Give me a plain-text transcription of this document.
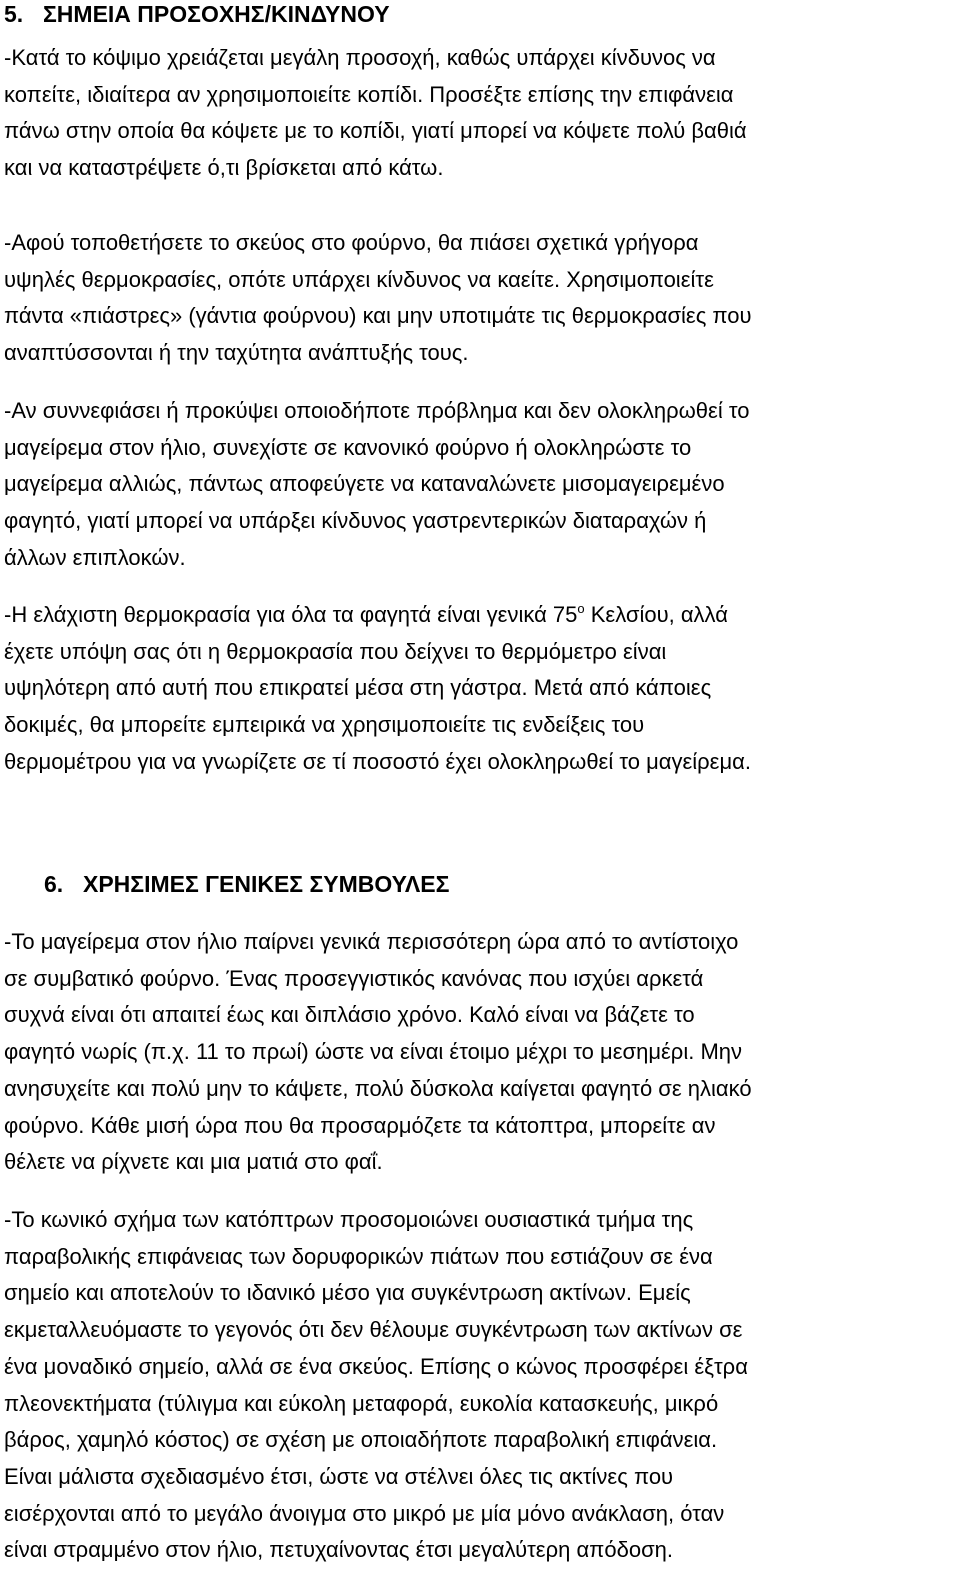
5. ΣΗΜΕΙΑ ΠΡΟΣΟΧΗΣ/ΚΙΝΔΥΝΟΥ

-Κατά το κόψιμο χρειάζεται μεγάλη προσοχή, καθώς υπάρχει κίνδυνος να
κοπείτε, ιδιαίτερα αν χρησιμοποιείτε κοπίδι. Προσέξτε επίσης την επιφάνεια
πάνω στην οποία θα κόψετε με το κοπίδι, γιατί μπορεί να κόψετε πολύ βαθιά
και να καταστρέψετε ό,τι βρίσκεται από κάτω.

-Αφού τοποθετήσετε το σκεύος στο φούρνο, θα πιάσει σχετικά γρήγορα
υψηλές θερμοκρασίες, οπότε υπάρχει κίνδυνος να καείτε. Χρησιμοποιείτε
πάντα «πιάστρες» (γάντια φούρνου) και μην υποτιμάτε τις θερμοκρασίες που
αναπτύσσονται ή την ταχύτητα ανάπτυξής τους.

-Αν συννεφιάσει ή προκύψει οποιοδήποτε πρόβλημα και δεν ολοκληρωθεί το
μαγείρεμα στον ήλιο, συνεχίστε σε κανονικό φούρνο ή ολοκληρώστε το
μαγείρεμα αλλιώς, πάντως αποφεύγετε να καταναλώνετε μισομαγειρεμένο
φαγητό, γιατί μπορεί να υπάρξει κίνδυνος γαστρεντερικών διαταραχών ή
άλλων επιπλοκών.

-Η ελάχιστη θερμοκρασία για όλα τα φαγητά είναι γενικά $75^o$ Κελσίου, αλλά
έχετε υπόψη σας ότι η θερμοκρασία που δείχνει το θερμόμετρο είναι
υψηλότερη από αυτή που επικρατεί μέσα στη γάστρα. Μετά από κάποιες
δοκιμές, θα μπορείτε εμπειρικά να χρησιμοποιείτε τις ενδείξεις του
θερμομέτρου για να γνωρίζετε σε τί ποσοστό έχει ολοκληρωθεί το μαγείρεμα.

6. ΧΡΗΣΙΜΕΣ ΓΕΝΙΚΕΣ ΣΥΜΒΟΥΛΕΣ

-Το μαγείρεμα στον ήλιο παίρνει γενικά περισσότερη ώρα από το αντίστοιχο
σε συμβατικό φούρνο. Ένας προσεγγιστικός κανόνας που ισχύει αρκετά
συχνά είναι ότι απαιτεί έως και διπλάσιο χρόνο. Καλό είναι να βάζετε το
φαγητό νωρίς (π.χ. 11 το πρωί) ώστε να είναι έτοιμο μέχρι το μεσημέρι. Μην
ανησυχείτε και πολύ μην το κάψετε, πολύ δύσκολα καίγεται φαγητό σε ηλιακό
φούρνο. Κάθε μισή ώρα που θα προσαρμόζετε τα κάτοπτρα, μπορείτε αν
θέλετε να ρίχνετε και μια ματιά στο φαΐ.

-Το κωνικό σχήμα των κατόπτρων προσομοιώνει ουσιαστικά τμήμα της
παραβολικής επιφάνειας των δορυφορικών πιάτων που εστιάζουν σε ένα
σημείο και αποτελούν το ιδανικό μέσο για συγκέντρωση ακτίνων. Εμείς
εκμεταλλευόμαστε το γεγονός ότι δεν θέλουμε συγκέντρωση των ακτίνων σε
ένα μοναδικό σημείο, αλλά σε ένα σκεύος. Επίσης ο κώνος προσφέρει έξτρα
πλεονεκτήματα (τύλιγμα και εύκολη μεταφορά, ευκολία κατασκευής, μικρό
βάρος, χαμηλό κόστος) σε σχέση με οποιαδήποτε παραβολική επιφάνεια.
Είναι μάλιστα σχεδιασμένο έτσι, ώστε να στέλνει όλες τις ακτίνες που
εισέρχονται από το μεγάλο άνοιγμα στο μικρό με μία μόνο ανάκλαση, όταν
είναι στραμμένο στον ήλιο, πετυχαίνοντας έτσι μεγαλύτερη απόδοση.
